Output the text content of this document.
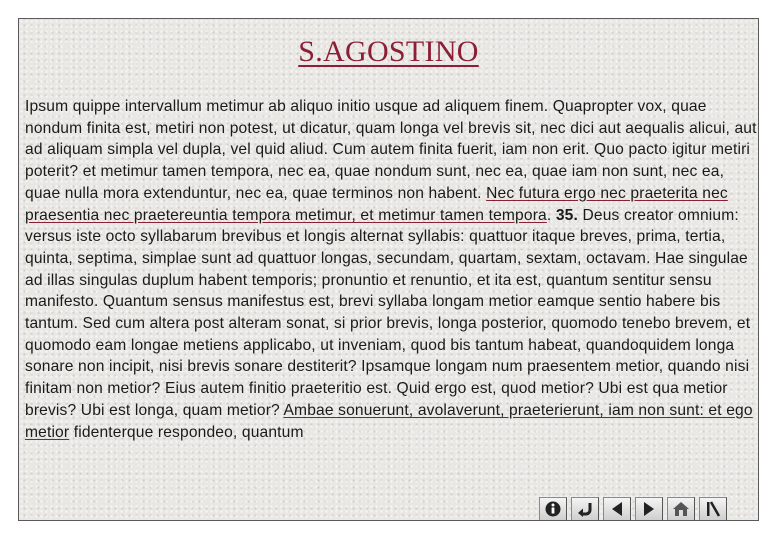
S.AGOSTINO

Ipsum quippe intervallum metimur ab aliquo initio usque ad aliquem finem. Quapropter vox, quae nondum finita est, metiri non potest, ut dicatur, quam longa vel brevis sit, nec dici aut aequalis alicui, aut ad aliquam simpla vel dupla, vel quid aliud. Cum autem finita fuerit, iam non erit. Quo pacto igitur metiri poterit? et metimur tamen tempora, nec ea, quae nondum sunt, nec ea, quae iam non sunt, nec ea, quae nulla mora extenduntur, nec ea, quae terminos non habent. Nec futura ergo nec praeterita nec praesentia nec praetereuntia tempora metimur, et metimur tamen tempora. 35. Deus creator omnium: versus iste octo syllabarum brevibus et longis alternat syllabis: quattuor itaque breves, prima, tertia, quinta, septima, simplae sunt ad quattuor longas, secundam, quartam, sextam, octavam. Hae singulae ad illas singulas duplum habent temporis; pronuntio et renuntio, et ita est, quantum sentitur sensu manifesto. Quantum sensus manifestus est, brevi syllaba longam metior eamque sentio habere bis tantum. Sed cum altera post alteram sonat, si prior brevis, longa posterior, quomodo tenebo brevem, et quomodo eam longae metiens applicabo, ut inveniam, quod bis tantum habeat, quandoquidem longa sonare non incipit, nisi brevis sonare destiterit? Ipsamque longam num praesentem metior, quando nisi finitam non metior? Eius autem finitio praeteritio est. Quid ergo est, quod metior? Ubi est qua metior brevis? Ubi est longa, quam metior? Ambae sonuerunt, avolaverunt, praeterierunt, iam non sunt: et ego metior fidenterque respondeo, quantum
